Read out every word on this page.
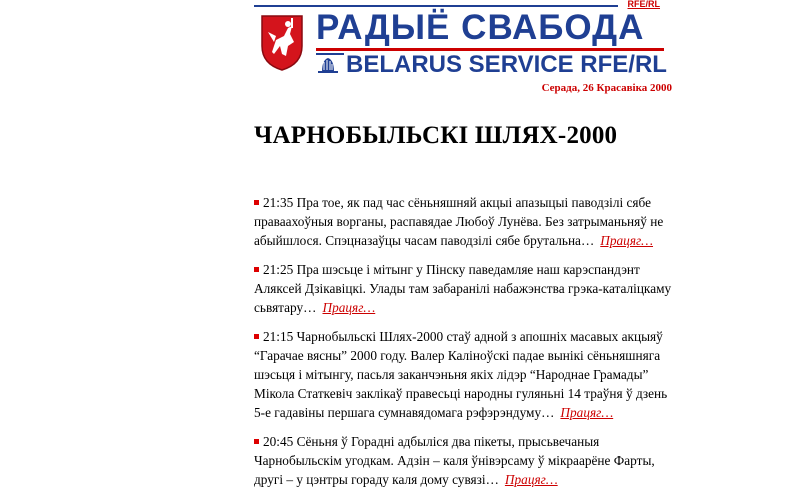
RFE/RL
РАДЫЁ СВАБОДА
BELARUS SERVICE RFE/RL
Серада, 26 Красавіка 2000
ЧАРНОБЫЛЬСКІ ШЛЯХ-2000

21:35 Пра тое, як пад час сёньняшняй акцыі апазыцыі паводзілі сябе праваахоўныя ворганы, распавядае Любоў Лунёва. Без затрыманьняў не абыйшлося. Спэцназаўцы часам паводзілі сябе брутальна… Працяг…

21:25 Пра шэсьце і мітынг у Пінску паведамляе наш карэспандэнт Аляксей Дзікавіцкі. Улады там забаранілі набажэнства грэка-каталіцкаму сьвятару… Працяг…

21:15 Чарнобыльскі Шлях-2000 стаў адной з апошніх масавых акцыяў “Гарачае вясны” 2000 году. Валер Каліноўскі падае вынікі сёньняшняга шэсьця і мітынгу, пасьля заканчэньня якіх лідэр “Народнае Грамады” Мікола Статкевіч заклікаў правесьці народны гуляньні 14 траўня ў дзень 5-е гадавіны першага сумнавядомага рэфэрэндуму… Працяг…

20:45 Сёньня ў Горадні адбыліся два пікеты, прысьвечаныя Чарнобыльскім угодкам. Адзін – каля ўнівэрсаму ў мікраарёне Фарты, другі – у цэнтры гораду каля дому сувязі… Працяг…
